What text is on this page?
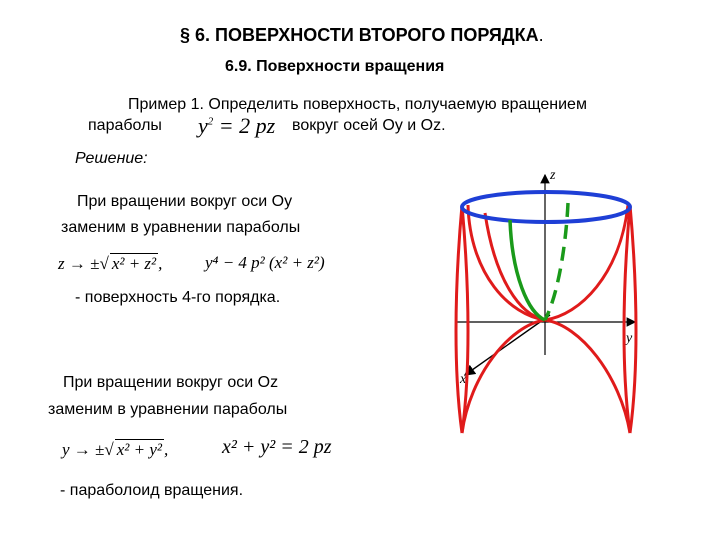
§ 6. ПОВЕРХНОСТИ ВТОРОГО ПОРЯДКА.
6.9. Поверхности вращения
Пример 1. Определить поверхность, получаемую вращением
параболы $y^2 = 2$ pz вокруг осей Oy и Oz.
Решение:
При вращении вокруг оси Oy
заменим в уравнении параболы
z → ±√ x² + z² ,	y⁴ − 4 p² (x² + z²)
- поверхность 4-го порядка.
При вращении вокруг оси Oz
заменим в уравнении параболы
y → ±√ x² + y² ,	x² + y² = 2 pz
- параболоид вращения.
z
y
x
